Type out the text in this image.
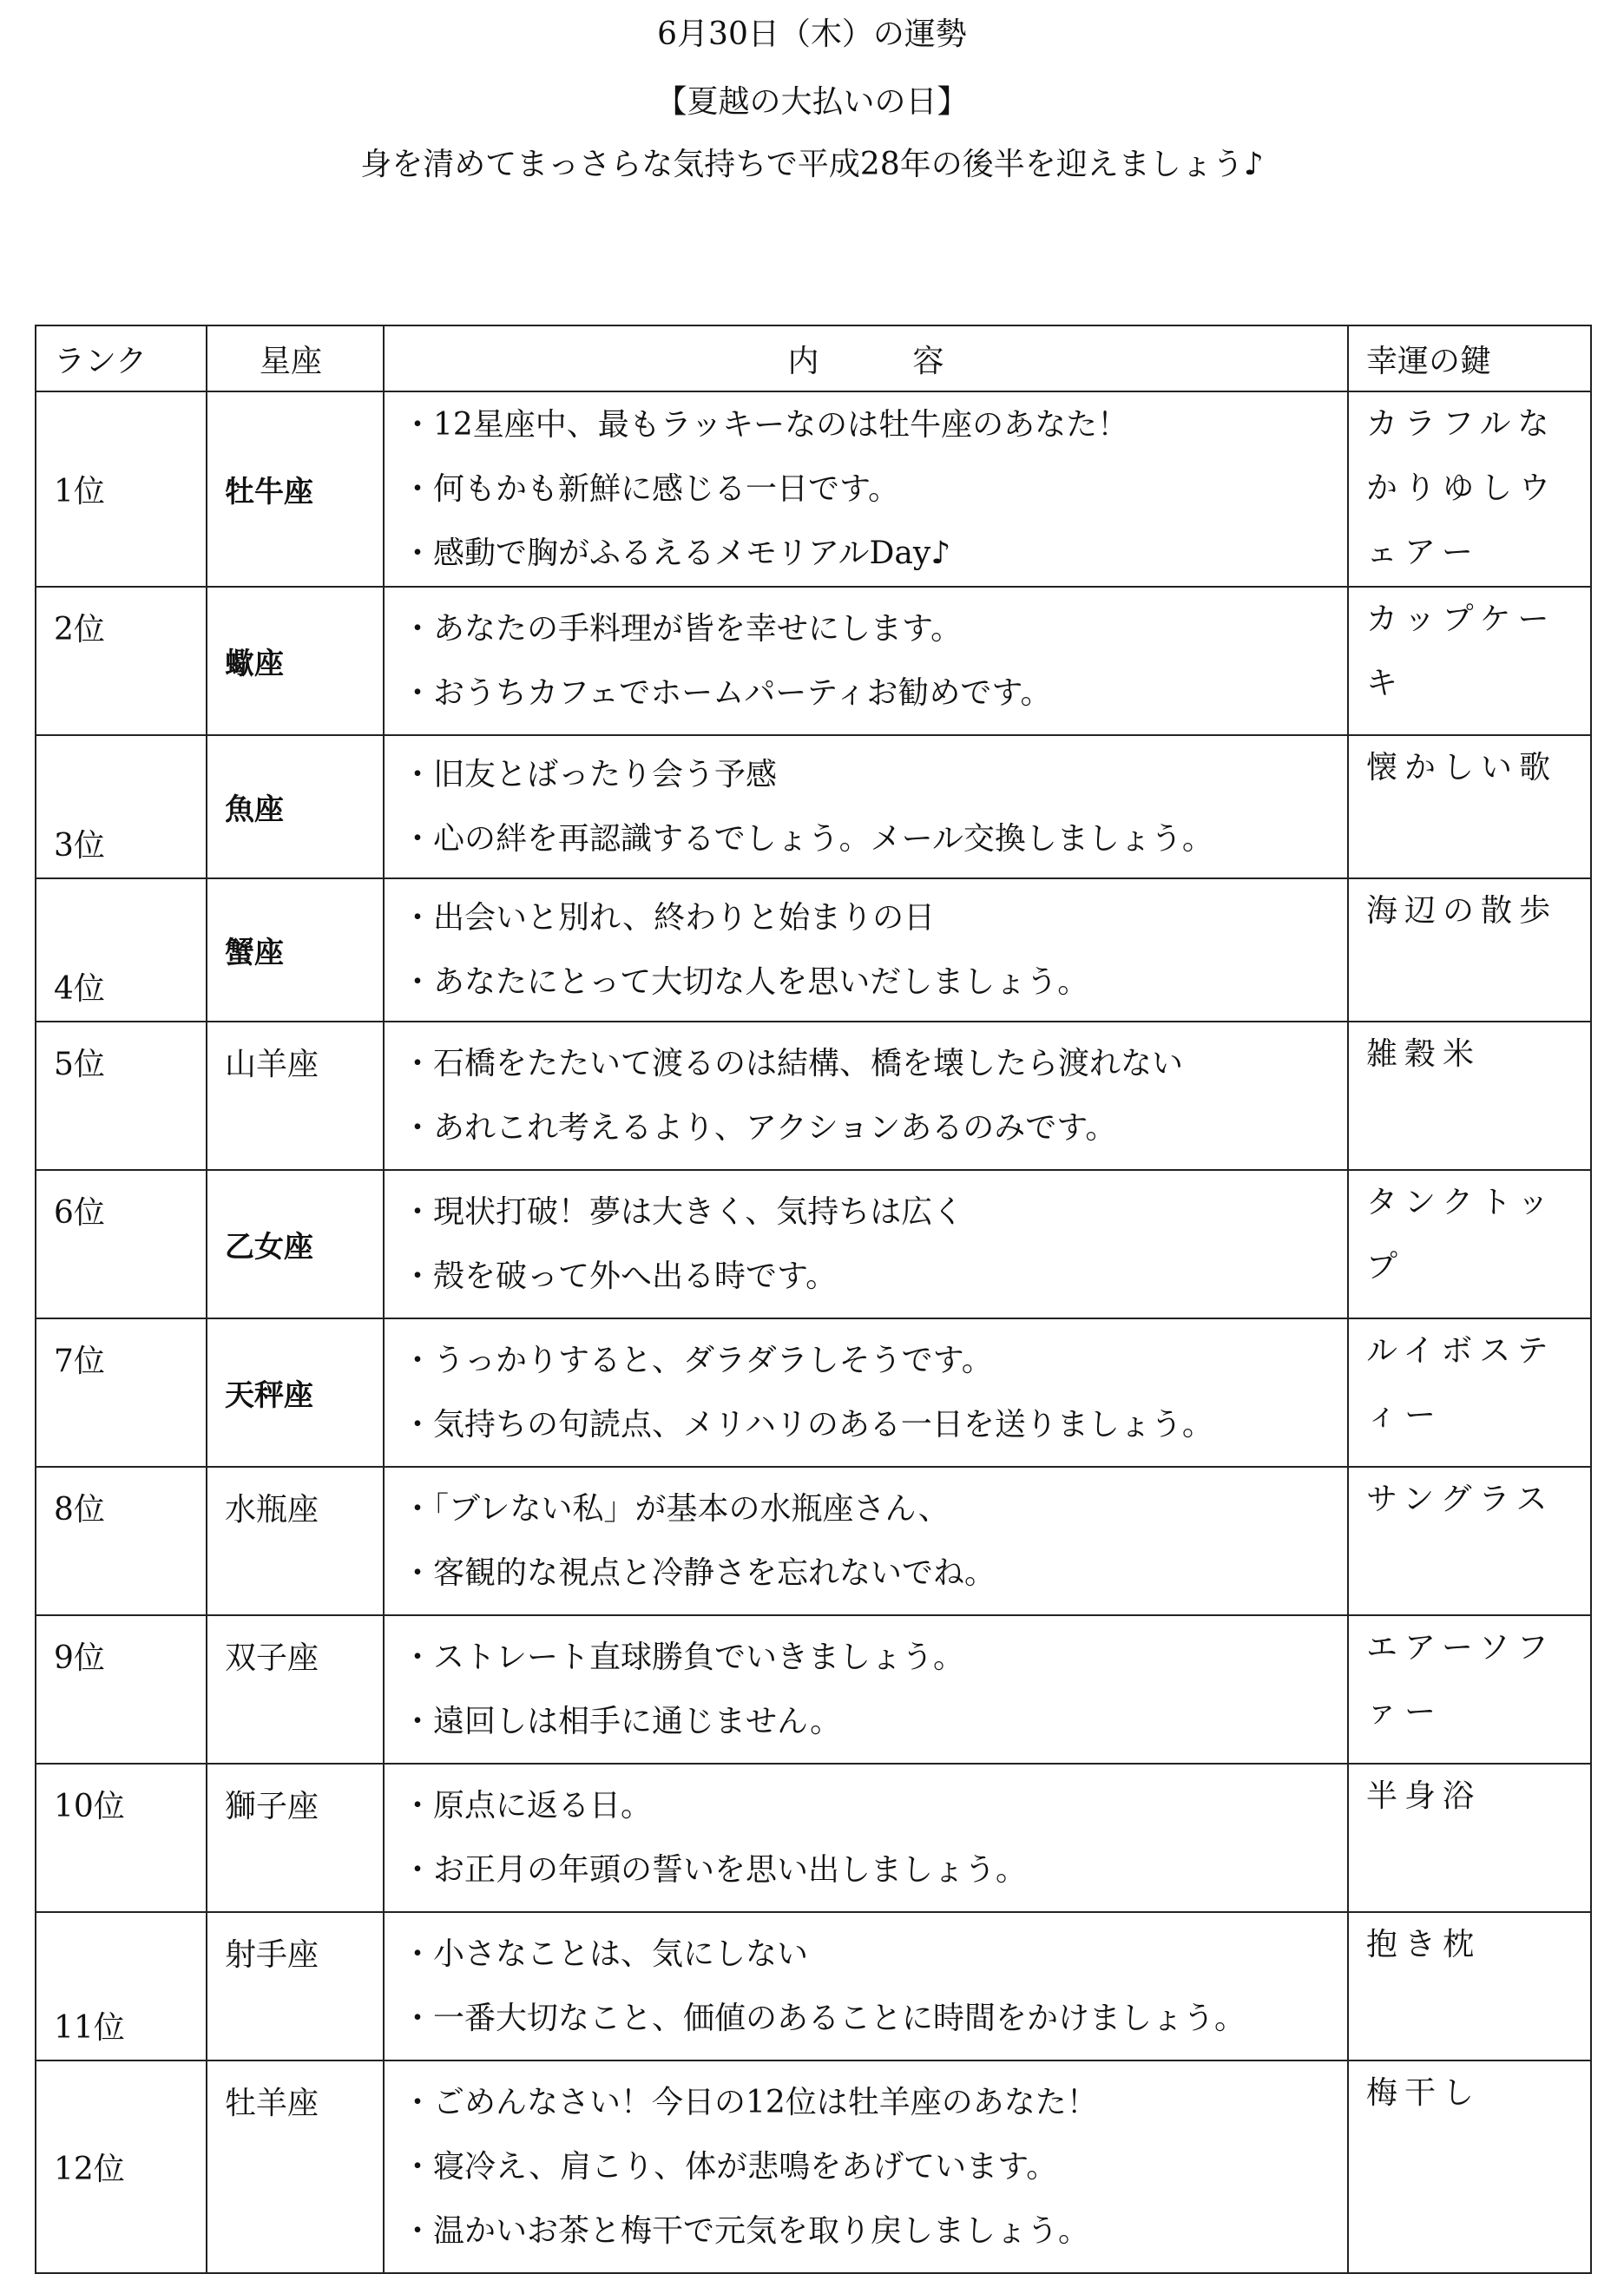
6月30日（木）の運勢
【夏越の大払いの日】
身を清めてまっさらな気持ちで平成28年の後半を迎えましょう♪
ランク	星座	内　　　容	幸運の鍵
1位	牡牛座	・12星座中、最もラッキーなのは牡牛座のあなた！
・何もかも新鮮に感じる一日です。
・感動で胸がふるえるメモリアルDay♪	カラフルなかりゆしウェアー

2位	蠍座	・あなたの手料理が皆を幸せにします。
・おうちカフェでホームパーティお勧めです。	カップケーキ

3位	魚座	・旧友とばったり会う予感
・心の絆を再認識するでしょう。メール交換しましょう。	懐かしい歌

4位	蟹座	・出会いと別れ、終わりと始まりの日
・あなたにとって大切な人を思いだしましょう。	海辺の散歩

5位	山羊座	・石橋をたたいて渡るのは結構、橋を壊したら渡れない
・あれこれ考えるより、アクションあるのみです。	雑穀米

6位	乙女座	・現状打破！夢は大きく、気持ちは広く
・殻を破って外へ出る時です。	タンクトップ

7位	天秤座	・うっかりすると、ダラダラしそうです。
・気持ちの句読点、メリハリのある一日を送りましょう。	ルイボスティー

8位	水瓶座	・「ブレない私」が基本の水瓶座さん、
・客観的な視点と冷静さを忘れないでね。	サングラス

9位	双子座	・ストレート直球勝負でいきましょう。
・遠回しは相手に通じません。	エアーソファー

10位	獅子座	・原点に返る日。
・お正月の年頭の誓いを思い出しましょう。	半身浴

11位	射手座	・小さなことは、気にしない
・一番大切なこと、価値のあることに時間をかけましょう。	抱き枕

12位	牡羊座	・ごめんなさい！今日の12位は牡羊座のあなた！
・寝冷え、肩こり、体が悲鳴をあげています。
・温かいお茶と梅干で元気を取り戻しましょう。	梅干し
